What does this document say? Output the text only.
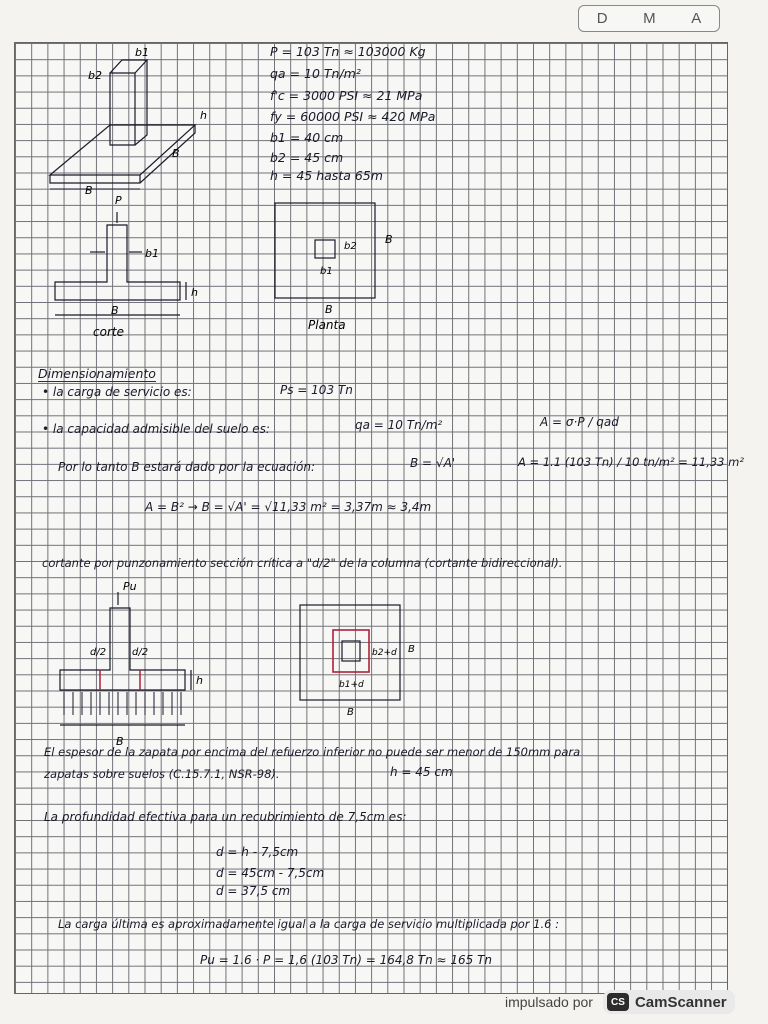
D M A
b1
b2
h
B
B
P
b1
h
B
corte
b2
b1
B
B
Planta
P = 103 Tn ≈ 103000 Kg
qa = 10 Tn/m²
f'c = 3000 PSI ≈ 21 MPa
fy = 60000 PSI ≈ 420 MPa
b1 = 40 cm
b2 = 45 cm
h = 45 hasta 65m
Dimensionamiento
• la carga de servicio es:	Ps = 103 Tn
• la capacidad admisible del suelo es:	qa = 10 Tn/m²	A = σ·P / qad
Por lo tanto B estará dado por la ecuación:	B = √A'	A = 1.1 (103 Tn) / 10 tn/m² = 11,33 m²
A = B² → B = √A' = √11,33 m² = 3,37m ≈ 3,4m
cortante por punzonamiento sección crítica a "d/2" de la columna (cortante bidireccional).
Pu
d/2	d/2
h
B
b2+d B
b1+d
B
El espesor de la zapata por encima del refuerzo inferior no puede ser menor de 150mm para
zapatas sobre suelos (C.15.7.1, NSR-98).	h = 45 cm
La profundidad efectiva para un recubrimiento de 7,5cm es:
d = h - 7,5cm
d = 45cm - 7,5cm
d = 37,5 cm
La carga última es aproximadamente igual a la carga de servicio multiplicada por 1.6 :
Pu = 1.6 · P = 1,6 (103 Tn) = 164,8 Tn ≈ 165 Tn
impulsado por	CS CamScanner
